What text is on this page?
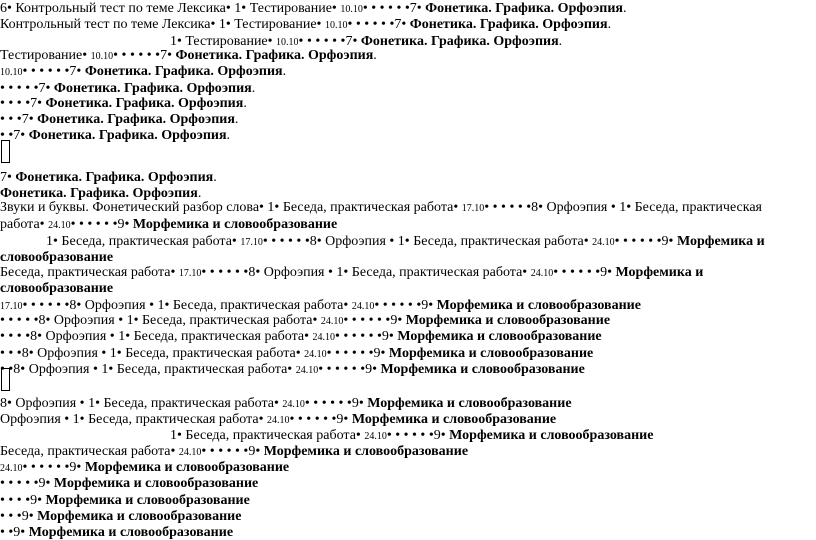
6• Контрольный тест по теме Лексика• 1• Тестирование• 10.10• • • • • •7• Фонетика. Графика. Орфоэпия.
Контрольный тест по теме Лексика• 1• Тестирование• 10.10• • • • • •7• Фонетика. Графика. Орфоэпия.
1• Тестирование• 10.10• • • • • •7• Фонетика. Графика. Орфоэпия.
Тестирование• 10.10• • • • • •7• Фонетика. Графика. Орфоэпия.
10.10• • • • • •7• Фонетика. Графика. Орфоэпия.
• • • • •7• Фонетика. Графика. Орфоэпия.
• • • •7• Фонетика. Графика. Орфоэпия.
• • •7• Фонетика. Графика. Орфоэпия.
• •7• Фонетика. Графика. Орфоэпия.
7• Фонетика. Графика. Орфоэпия.
Фонетика. Графика. Орфоэпия.
Звуки и буквы. Фонетический разбор слова• 1• Беседа, практическая работа• 17.10• • • • • •8• Орфоэпия • 1• Беседа, практическая
работа• 24.10• • • • • •9• Морфемика и словообразование
1• Беседа, практическая работа• 17.10• • • • • •8• Орфоэпия • 1• Беседа, практическая работа• 24.10• • • • • •9• Морфемика и
словообразование
Беседа, практическая работа• 17.10• • • • • •8• Орфоэпия • 1• Беседа, практическая работа• 24.10• • • • • •9• Морфемика и
словообразование
17.10• • • • • •8• Орфоэпия • 1• Беседа, практическая работа• 24.10• • • • • •9• Морфемика и словообразование
• • • • •8• Орфоэпия • 1• Беседа, практическая работа• 24.10• • • • • •9• Морфемика и словообразование
• • • •8• Орфоэпия • 1• Беседа, практическая работа• 24.10• • • • • •9• Морфемика и словообразование
• • •8• Орфоэпия • 1• Беседа, практическая работа• 24.10• • • • • •9• Морфемика и словообразование
• •8• Орфоэпия • 1• Беседа, практическая работа• 24.10• • • • • •9• Морфемика и словообразование
8• Орфоэпия • 1• Беседа, практическая работа• 24.10• • • • • •9• Морфемика и словообразование
Орфоэпия • 1• Беседа, практическая работа• 24.10• • • • • •9• Морфемика и словообразование
1• Беседа, практическая работа• 24.10• • • • • •9• Морфемика и словообразование
Беседа, практическая работа• 24.10• • • • • •9• Морфемика и словообразование
24.10• • • • • •9• Морфемика и словообразование
• • • • •9• Морфемика и словообразование
• • • •9• Морфемика и словообразование
• • •9• Морфемика и словообразование
• •9• Морфемика и словообразование
